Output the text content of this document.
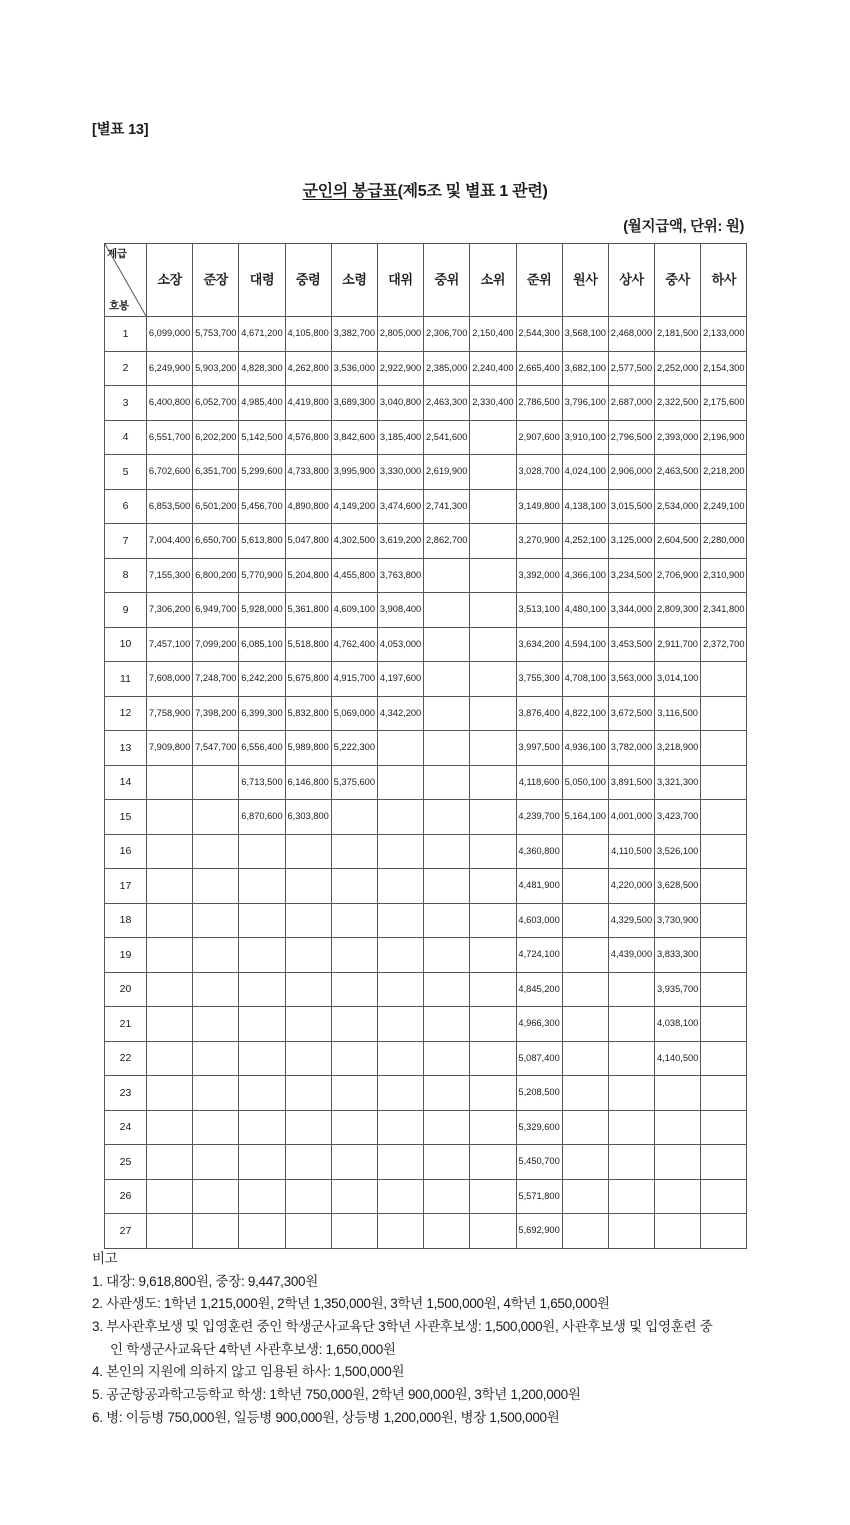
[별표 13]
군인의 봉급표(제5조 및 별표 1 관련)
(월지급액, 단위: 원)
계급
호봉	소장	준장	대령	중령	소령	대위	중위	소위	준위	원사	상사	중사	하사
1	6,099,000	5,753,700	4,671,200	4,105,800	3,382,700	2,805,000	2,306,700	2,150,400	2,544,300	3,568,100	2,468,000	2,181,500	2,133,000
2	6,249,900	5,903,200	4,828,300	4,262,800	3,536,000	2,922,900	2,385,000	2,240,400	2,665,400	3,682,100	2,577,500	2,252,000	2,154,300
3	6,400,800	6,052,700	4,985,400	4,419,800	3,689,300	3,040,800	2,463,300	2,330,400	2,786,500	3,796,100	2,687,000	2,322,500	2,175,600
4	6,551,700	6,202,200	5,142,500	4,576,800	3,842,600	3,185,400	2,541,600		2,907,600	3,910,100	2,796,500	2,393,000	2,196,900
5	6,702,600	6,351,700	5,299,600	4,733,800	3,995,900	3,330,000	2,619,900		3,028,700	4,024,100	2,906,000	2,463,500	2,218,200
6	6,853,500	6,501,200	5,456,700	4,890,800	4,149,200	3,474,600	2,741,300		3,149,800	4,138,100	3,015,500	2,534,000	2,249,100
7	7,004,400	6,650,700	5,613,800	5,047,800	4,302,500	3,619,200	2,862,700		3,270,900	4,252,100	3,125,000	2,604,500	2,280,000
8	7,155,300	6,800,200	5,770,900	5,204,800	4,455,800	3,763,800			3,392,000	4,366,100	3,234,500	2,706,900	2,310,900
9	7,306,200	6,949,700	5,928,000	5,361,800	4,609,100	3,908,400			3,513,100	4,480,100	3,344,000	2,809,300	2,341,800
10	7,457,100	7,099,200	6,085,100	5,518,800	4,762,400	4,053,000			3,634,200	4,594,100	3,453,500	2,911,700	2,372,700
11	7,608,000	7,248,700	6,242,200	5,675,800	4,915,700	4,197,600			3,755,300	4,708,100	3,563,000	3,014,100	
12	7,758,900	7,398,200	6,399,300	5,832,800	5,069,000	4,342,200			3,876,400	4,822,100	3,672,500	3,116,500	
13	7,909,800	7,547,700	6,556,400	5,989,800	5,222,300				3,997,500	4,936,100	3,782,000	3,218,900	
14			6,713,500	6,146,800	5,375,600				4,118,600	5,050,100	3,891,500	3,321,300	
15			6,870,600	6,303,800					4,239,700	5,164,100	4,001,000	3,423,700	
16									4,360,800		4,110,500	3,526,100	
17									4,481,900		4,220,000	3,628,500	
18									4,603,000		4,329,500	3,730,900	
19									4,724,100		4,439,000	3,833,300	
20									4,845,200			3,935,700	
21									4,966,300			4,038,100	
22									5,087,400			4,140,500	
23									5,208,500				
24									5,329,600				
25									5,450,700				
26									5,571,800				
27									5,692,900				
비고
1. 대장: 9,618,800원, 중장: 9,447,300원
2. 사관생도: 1학년 1,215,000원, 2학년 1,350,000원, 3학년 1,500,000원, 4학년 1,650,000원
3. 부사관후보생 및 입영훈련 중인 학생군사교육단 3학년 사관후보생: 1,500,000원, 사관후보생 및 입영훈련 중
인 학생군사교육단 4학년 사관후보생: 1,650,000원
4. 본인의 지원에 의하지 않고 임용된 하사: 1,500,000원
5. 공군항공과학고등학교 학생: 1학년 750,000원, 2학년 900,000원, 3학년 1,200,000원
6. 병: 이등병 750,000원, 일등병 900,000원, 상등병 1,200,000원, 병장 1,500,000원
